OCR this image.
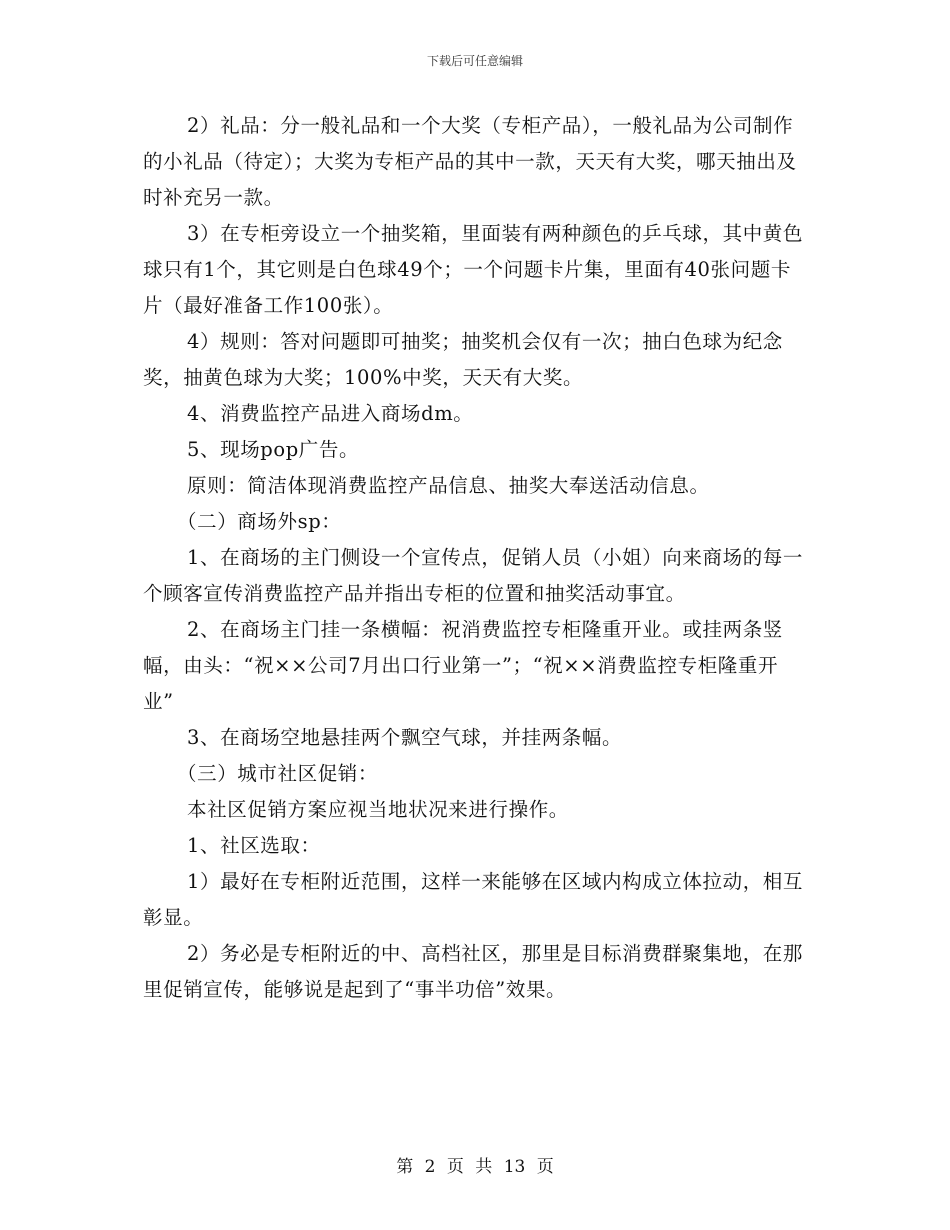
下载后可任意编辑

2）礼品：分一般礼品和一个大奖（专柜产品），一般礼品为公司制作的小礼品（待定）；大奖为专柜产品的其中一款，天天有大奖，哪天抽出及时补充另一款。

3）在专柜旁设立一个抽奖箱，里面装有两种颜色的乒乓球，其中黄色球只有1个，其它则是白色球49个；一个问题卡片集，里面有40张问题卡片（最好准备工作100张）。

4）规则：答对问题即可抽奖；抽奖机会仅有一次；抽白色球为纪念奖，抽黄色球为大奖；100%中奖，天天有大奖。

4、消费监控产品进入商场dm。

5、现场pop广告。

原则：简洁体现消费监控产品信息、抽奖大奉送活动信息。

（二）商场外sp：

1、在商场的主门侧设一个宣传点，促销人员（小姐）向来商场的每一个顾客宣传消费监控产品并指出专柜的位置和抽奖活动事宜。

2、在商场主门挂一条横幅：祝消费监控专柜隆重开业。或挂两条竖幅，由头：“祝××公司7月出口行业第一”；“祝××消费监控专柜隆重开业”

3、在商场空地悬挂两个飘空气球，并挂两条幅。

（三）城市社区促销：

本社区促销方案应视当地状况来进行操作。

1、社区选取：

1）最好在专柜附近范围，这样一来能够在区域内构成立体拉动，相互彰显。

2）务必是专柜附近的中、高档社区，那里是目标消费群聚集地，在那里促销宣传，能够说是起到了“事半功倍”效果。

第 2 页 共 13 页
